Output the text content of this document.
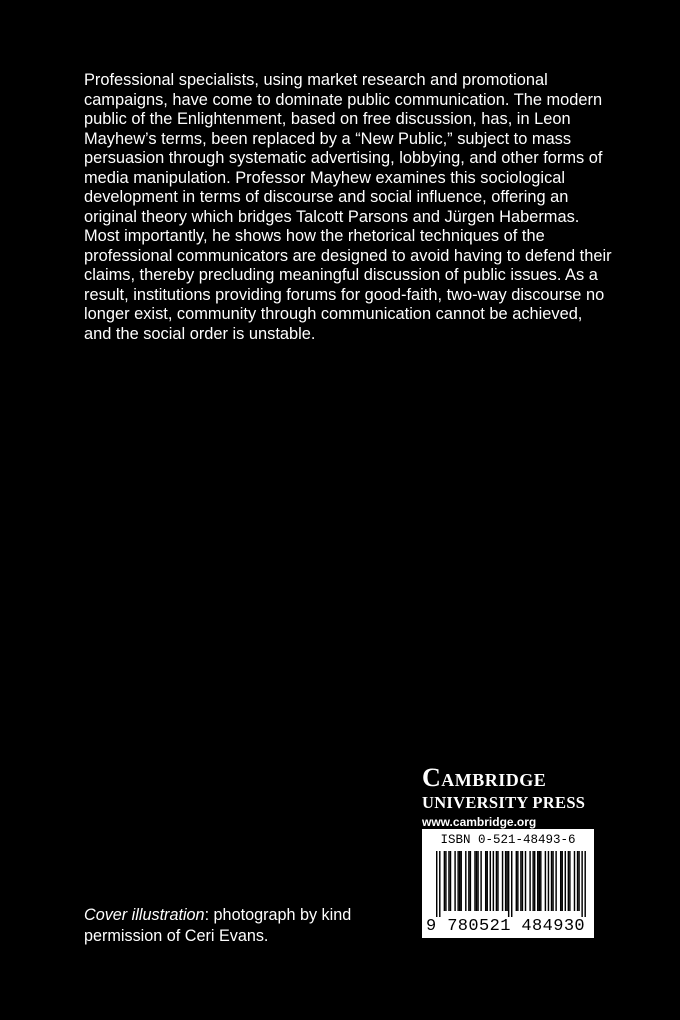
Professional specialists, using market research and promotional campaigns, have come to dominate public communication. The modern public of the Enlightenment, based on free discussion, has, in Leon Mayhew’s terms, been replaced by a “New Public,” subject to mass persuasion through systematic advertising, lobbying, and other forms of media manipulation. Professor Mayhew examines this sociological development in terms of discourse and social influence, offering an original theory which bridges Talcott Parsons and Jürgen Habermas. Most importantly, he shows how the rhetorical techniques of the professional communicators are designed to avoid having to defend their claims, thereby precluding meaningful discussion of public issues. As a result, institutions providing forums for good-faith, two-way discourse no longer exist, community through communication cannot be achieved, and the social order is unstable.

Cambridge
UNIVERSITY PRESS
www.cambridge.org
ISBN 0-521-48493-6
9 780521 484930

Cover illustration: photograph by kind permission of Ceri Evans.
